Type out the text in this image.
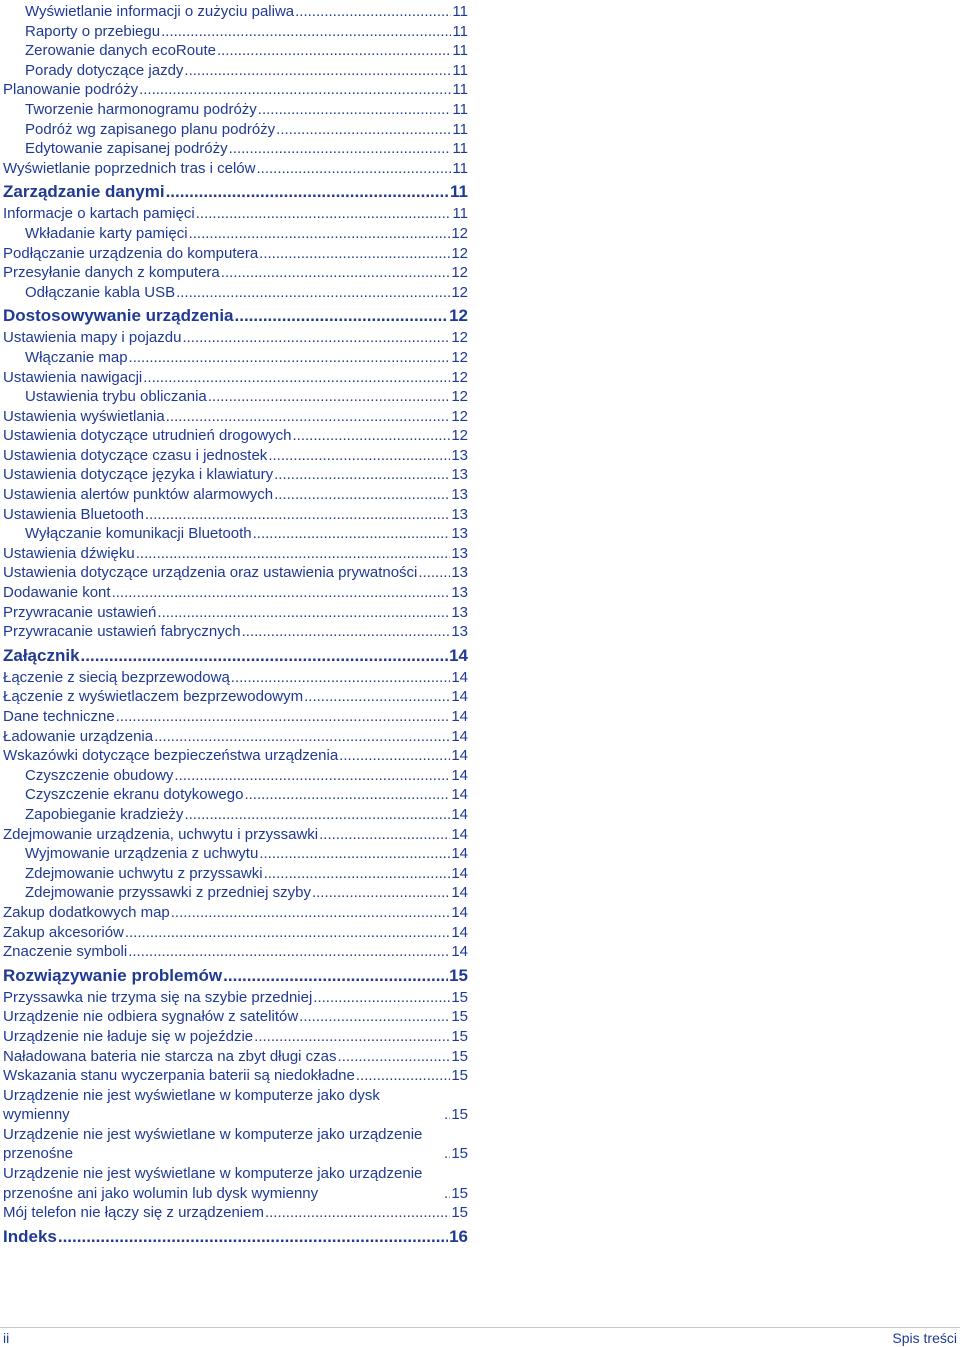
Wyświetlanie informacji o zużyciu paliwa .....	11
Raporty o przebiegu .....	11
Zerowanie danych ecoRoute .....	11
Porady dotyczące jazdy .....	11
Planowanie podróży .....	11
Tworzenie harmonogramu podróży .....	11
Podróż wg zapisanego planu podróży .....	11
Edytowanie zapisanej podróży .....	11
Wyświetlanie poprzednich tras i celów .....	11
Zarządzanie danymi .....	11
Informacje o kartach pamięci .....	11
Wkładanie karty pamięci .....	12
Podłączanie urządzenia do komputera .....	12
Przesyłanie danych z komputera .....	12
Odłączanie kabla USB .....	12
Dostosowywanie urządzenia .....	12
Ustawienia mapy i pojazdu .....	12
Włączanie map .....	12
Ustawienia nawigacji .....	12
Ustawienia trybu obliczania .....	12
Ustawienia wyświetlania .....	12
Ustawienia dotyczące utrudnień drogowych .....	12
Ustawienia dotyczące czasu i jednostek .....	13
Ustawienia dotyczące języka i klawiatury .....	13
Ustawienia alertów punktów alarmowych .....	13
Ustawienia Bluetooth .....	13
Wyłączanie komunikacji Bluetooth .....	13
Ustawienia dźwięku .....	13
Ustawienia dotyczące urządzenia oraz ustawienia prywatności ..... 13
Dodawanie kont .....	13
Przywracanie ustawień .....	13
Przywracanie ustawień fabrycznych .....	13
Załącznik .....	14
Łączenie z siecią bezprzewodową .....	14
Łączenie z wyświetlaczem bezprzewodowym .....	14
Dane techniczne .....	14
Ładowanie urządzenia .....	14
Wskazówki dotyczące bezpieczeństwa urządzenia .....	14
Czyszczenie obudowy .....	14
Czyszczenie ekranu dotykowego .....	14
Zapobieganie kradzieży .....	14
Zdejmowanie urządzenia, uchwytu i przyssawki .....	14
Wyjmowanie urządzenia z uchwytu .....	14
Zdejmowanie uchwytu z przyssawki .....	14
Zdejmowanie przyssawki z przedniej szyby .....	14
Zakup dodatkowych map .....	14
Zakup akcesoriów .....	14
Znaczenie symboli .....	14
Rozwiązywanie problemów .....	15
Przyssawka nie trzyma się na szybie przedniej .....	15
Urządzenie nie odbiera sygnałów z satelitów .....	15
Urządzenie nie ładuje się w pojeździe .....	15
Naładowana bateria nie starcza na zbyt długi czas .....	15
Wskazania stanu wyczerpania baterii są niedokładne .....	15
Urządzenie nie jest wyświetlane w komputerze jako dysk wymienny .....	15
Urządzenie nie jest wyświetlane w komputerze jako urządzenie przenośne .....	15
Urządzenie nie jest wyświetlane w komputerze jako urządzenie przenośne ani jako wolumin lub dysk wymienny .....	15
Mój telefon nie łączy się z urządzeniem .....	15
Indeks .....	16
ii	Spis treści
